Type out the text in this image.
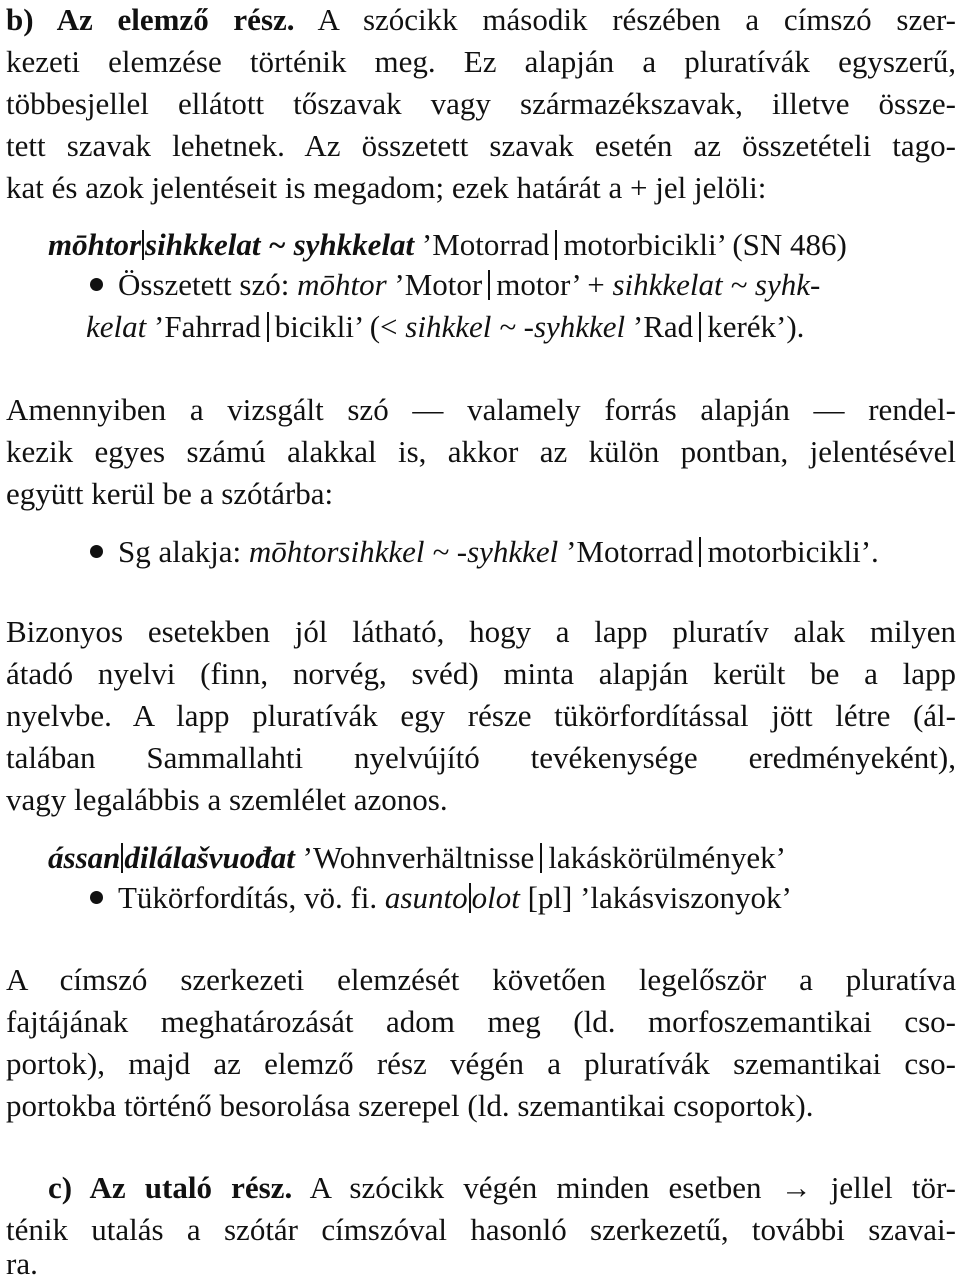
b) Az elemző rész. A szócikk második részében a címszó szer-
kezeti elemzése történik meg. Ez alapján a pluratívák egyszerű,
többesjellel ellátott tőszavak vagy származékszavak, illetve össze-
tett szavak lehetnek. Az összetett szavak esetén az összetételi tago-
kat és azok jelentéseit is megadom; ezek határát a + jel jelöli:
mōhtor sihkkelat ~ syhkkelat ’Motorrad motorbicikli’ (SN 486)
Összetett szó: mōhtor ’Motor motor’ + sihkkelat ~ syhk-
kelat ’Fahrrad bicikli’ (< sihkkel ~ -syhkkel ’Rad kerék’).
Amennyiben a vizsgált szó — valamely forrás alapján — rendel-
kezik egyes számú alakkal is, akkor az külön pontban, jelentésével
együtt kerül be a szótárba:
Sg alakja: mōhtorsihkkel ~ -syhkkel ’Motorrad motorbicikli’.
Bizonyos esetekben jól látható, hogy a lapp pluratív alak milyen
átadó nyelvi (finn, norvég, svéd) minta alapján került be a lapp
nyelvbe. A lapp pluratívák egy része tükörfordítással jött létre (ál-
talában Sammallahti nyelvújító tevékenysége eredményeként),
vagy legalábbis a szemlélet azonos.
ássan dilálašvuođat ’Wohnverhältnisse lakáskörülmények’
Tükörfordítás, vö. fi. asunto olot [pl] ’lakásviszonyok’
A címszó szerkezeti elemzését követően legelőször a pluratíva
fajtájának meghatározását adom meg (ld. morfoszemantikai cso-
portok), majd az elemző rész végén a pluratívák szemantikai cso-
portokba történő besorolása szerepel (ld. szemantikai csoportok).
c) Az utaló rész. A szócikk végén minden esetben → jellel tör-
ténik utalás a szótár címszóval hasonló szerkezetű, további szavai-
ra.
